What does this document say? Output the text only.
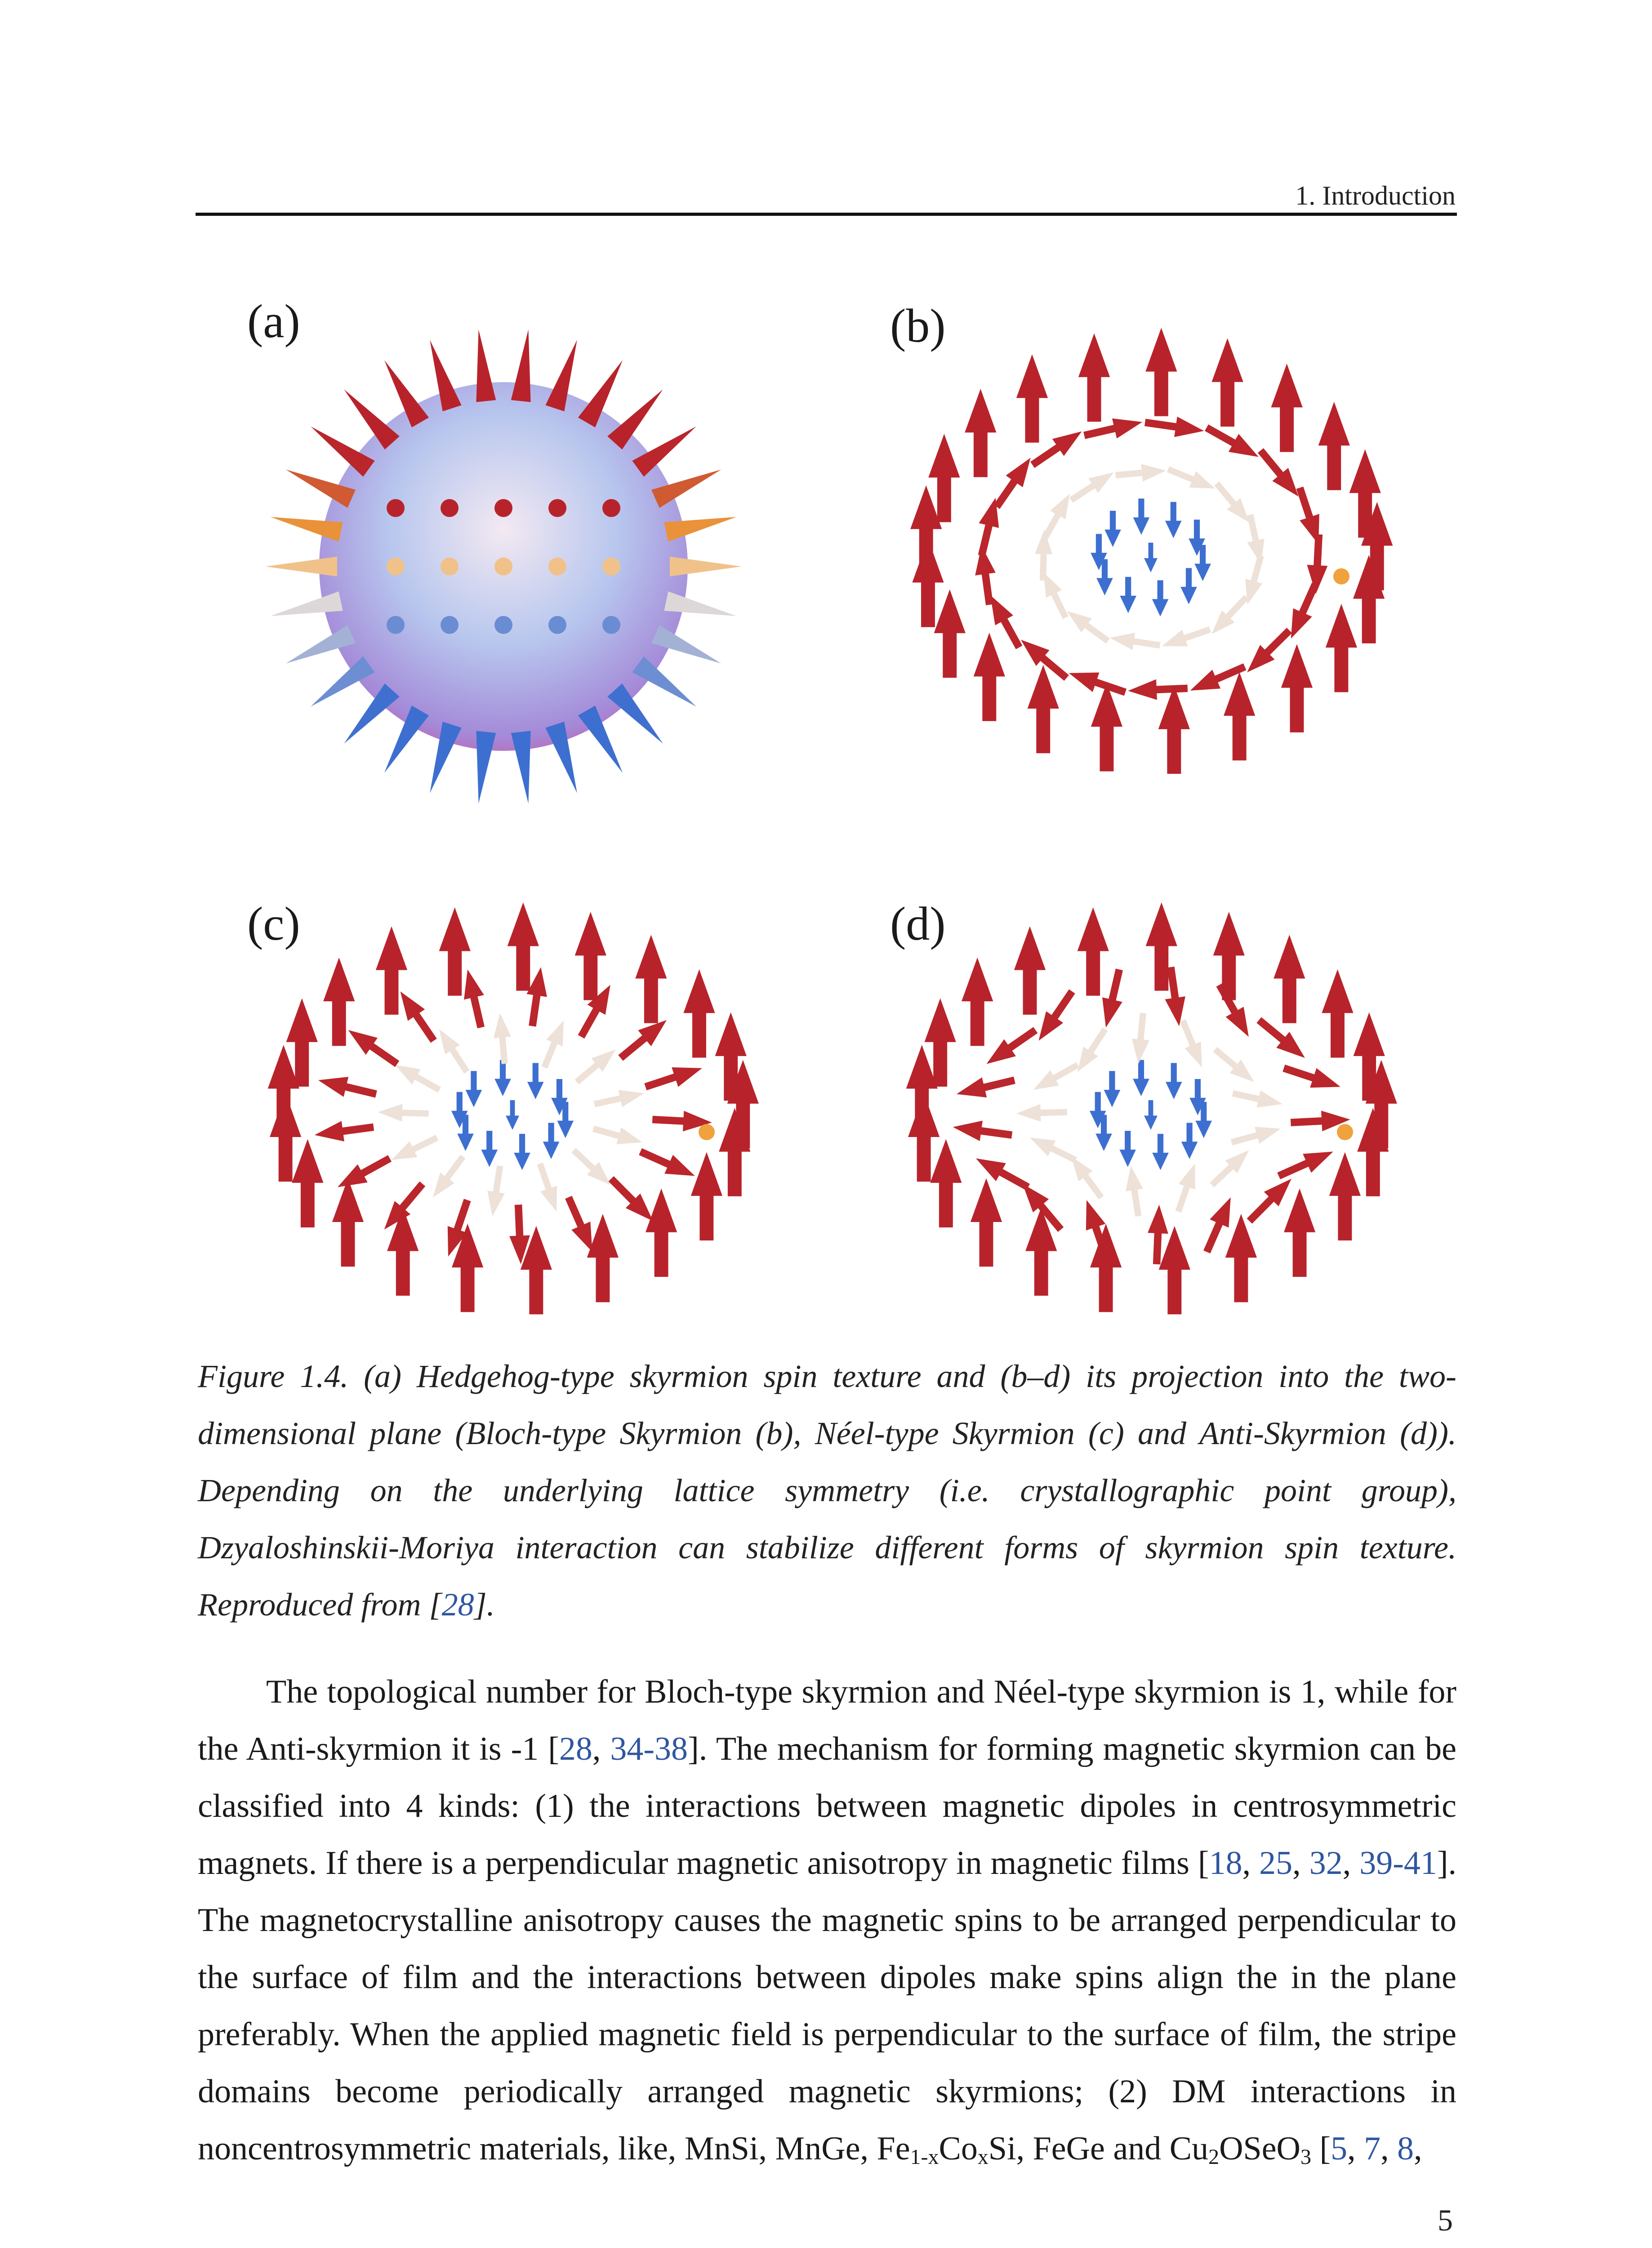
1. Introduction
(a)	(b)
(c)	(d)

Figure 1.4. (a) Hedgehog-type skyrmion spin texture and (b–d) its projection into the two-dimensional plane (Bloch-type Skyrmion (b), Néel-type Skyrmion (c) and Anti-Skyrmion (d)). Depending on the underlying lattice symmetry (i.e. crystallographic point group), Dzyaloshinskii-Moriya interaction can stabilize different forms of skyrmion spin texture. Reproduced from [28].

The topological number for Bloch-type skyrmion and Néel-type skyrmion is 1, while for the Anti-skyrmion it is -1 [28, 34-38]. The mechanism for forming magnetic skyrmion can be classified into 4 kinds: (1) the interactions between magnetic dipoles in centrosymmetric magnets. If there is a perpendicular magnetic anisotropy in magnetic films [18, 25, 32, 39-41]. The magnetocrystalline anisotropy causes the magnetic spins to be arranged perpendicular to the surface of film and the interactions between dipoles make spins align the in the plane preferably. When the applied magnetic field is perpendicular to the surface of film, the stripe domains become periodically arranged magnetic skyrmions; (2) DM interactions in noncentrosymmetric materials, like, MnSi, MnGe, $Fe_{1-x}Co_xSi$, FeGe and $Cu_2OSeO_3$ [5, 7, 8,

5
